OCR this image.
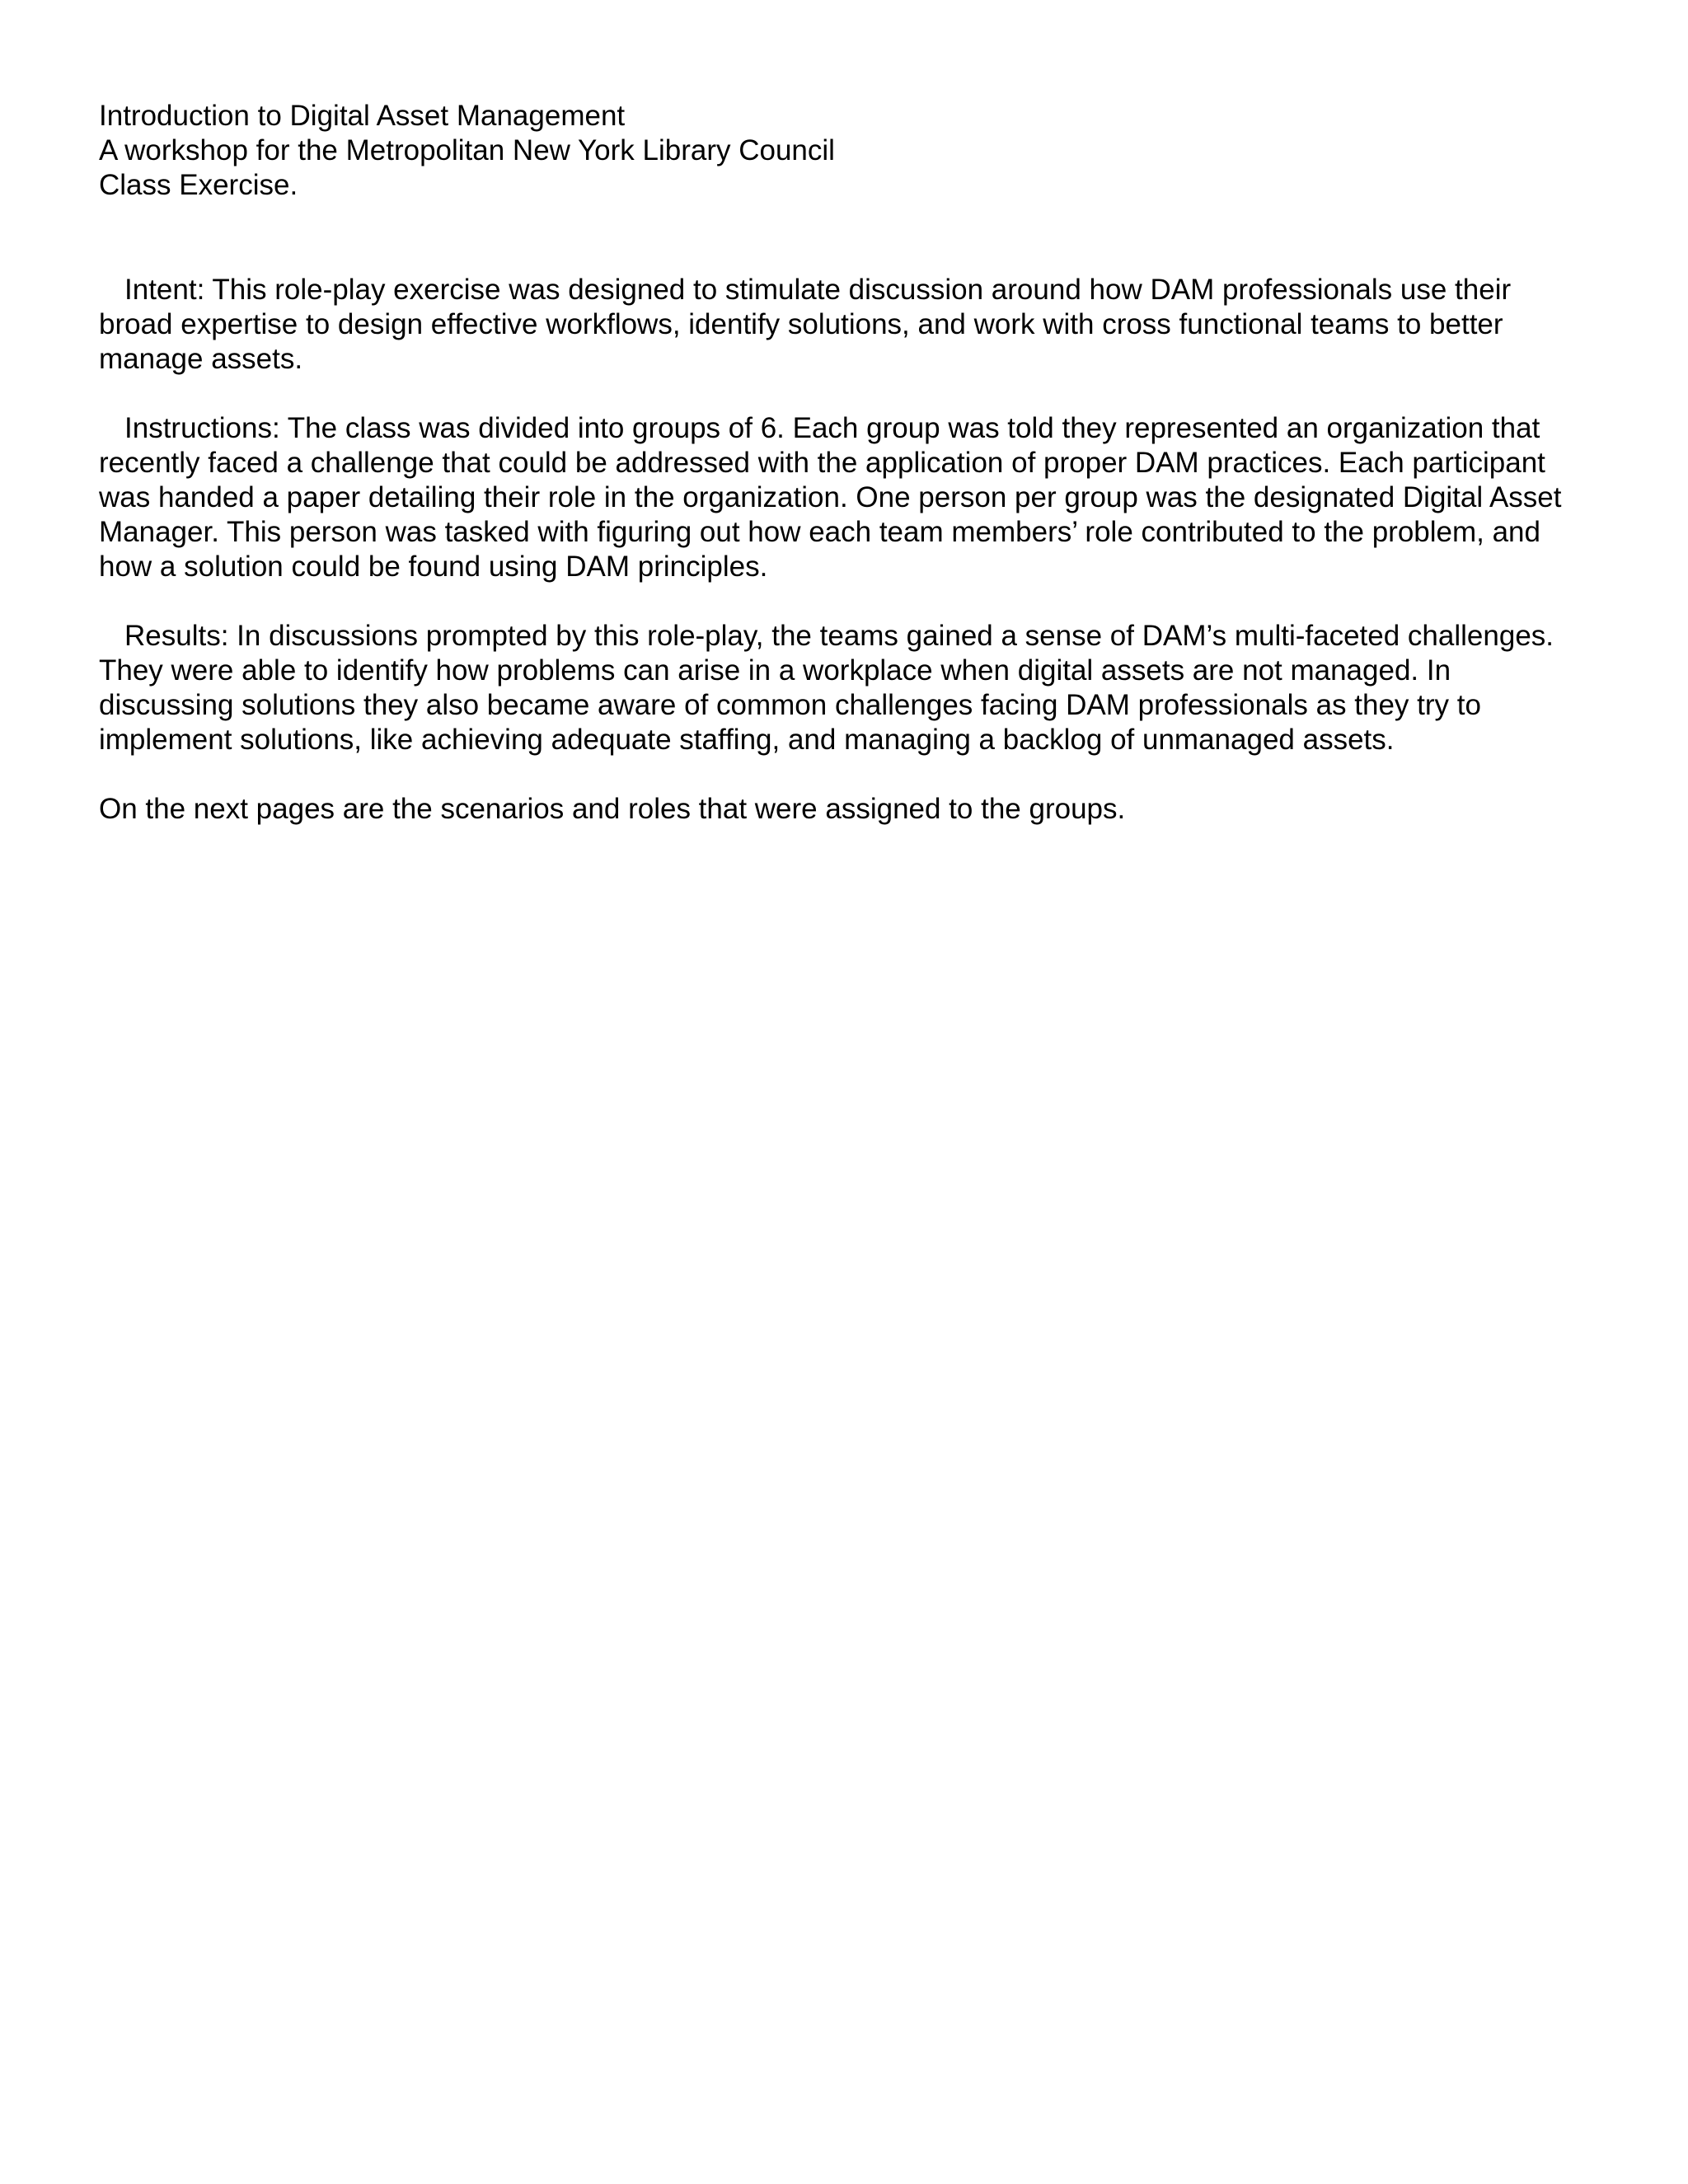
Introduction to Digital Asset Management
A workshop for the Metropolitan New York Library Council
Class Exercise.

Intent: This role-play exercise was designed to stimulate discussion around how DAM professionals use their broad expertise to design effective workflows, identify solutions, and work with cross functional teams to better manage assets.

Instructions: The class was divided into groups of 6. Each group was told they represented an organization that recently faced a challenge that could be addressed with the application of proper DAM practices. Each participant was handed a paper detailing their role in the organization. One person per group was the designated Digital Asset Manager. This person was tasked with figuring out how each team members’ role contributed to the problem, and how a solution could be found using DAM principles.

Results: In discussions prompted by this role-play, the teams gained a sense of DAM’s multi-faceted challenges. They were able to identify how problems can arise in a workplace when digital assets are not managed. In discussing solutions they also became aware of common challenges facing DAM professionals as they try to implement solutions, like achieving adequate staffing, and managing a backlog of unmanaged assets.

On the next pages are the scenarios and roles that were assigned to the groups.
